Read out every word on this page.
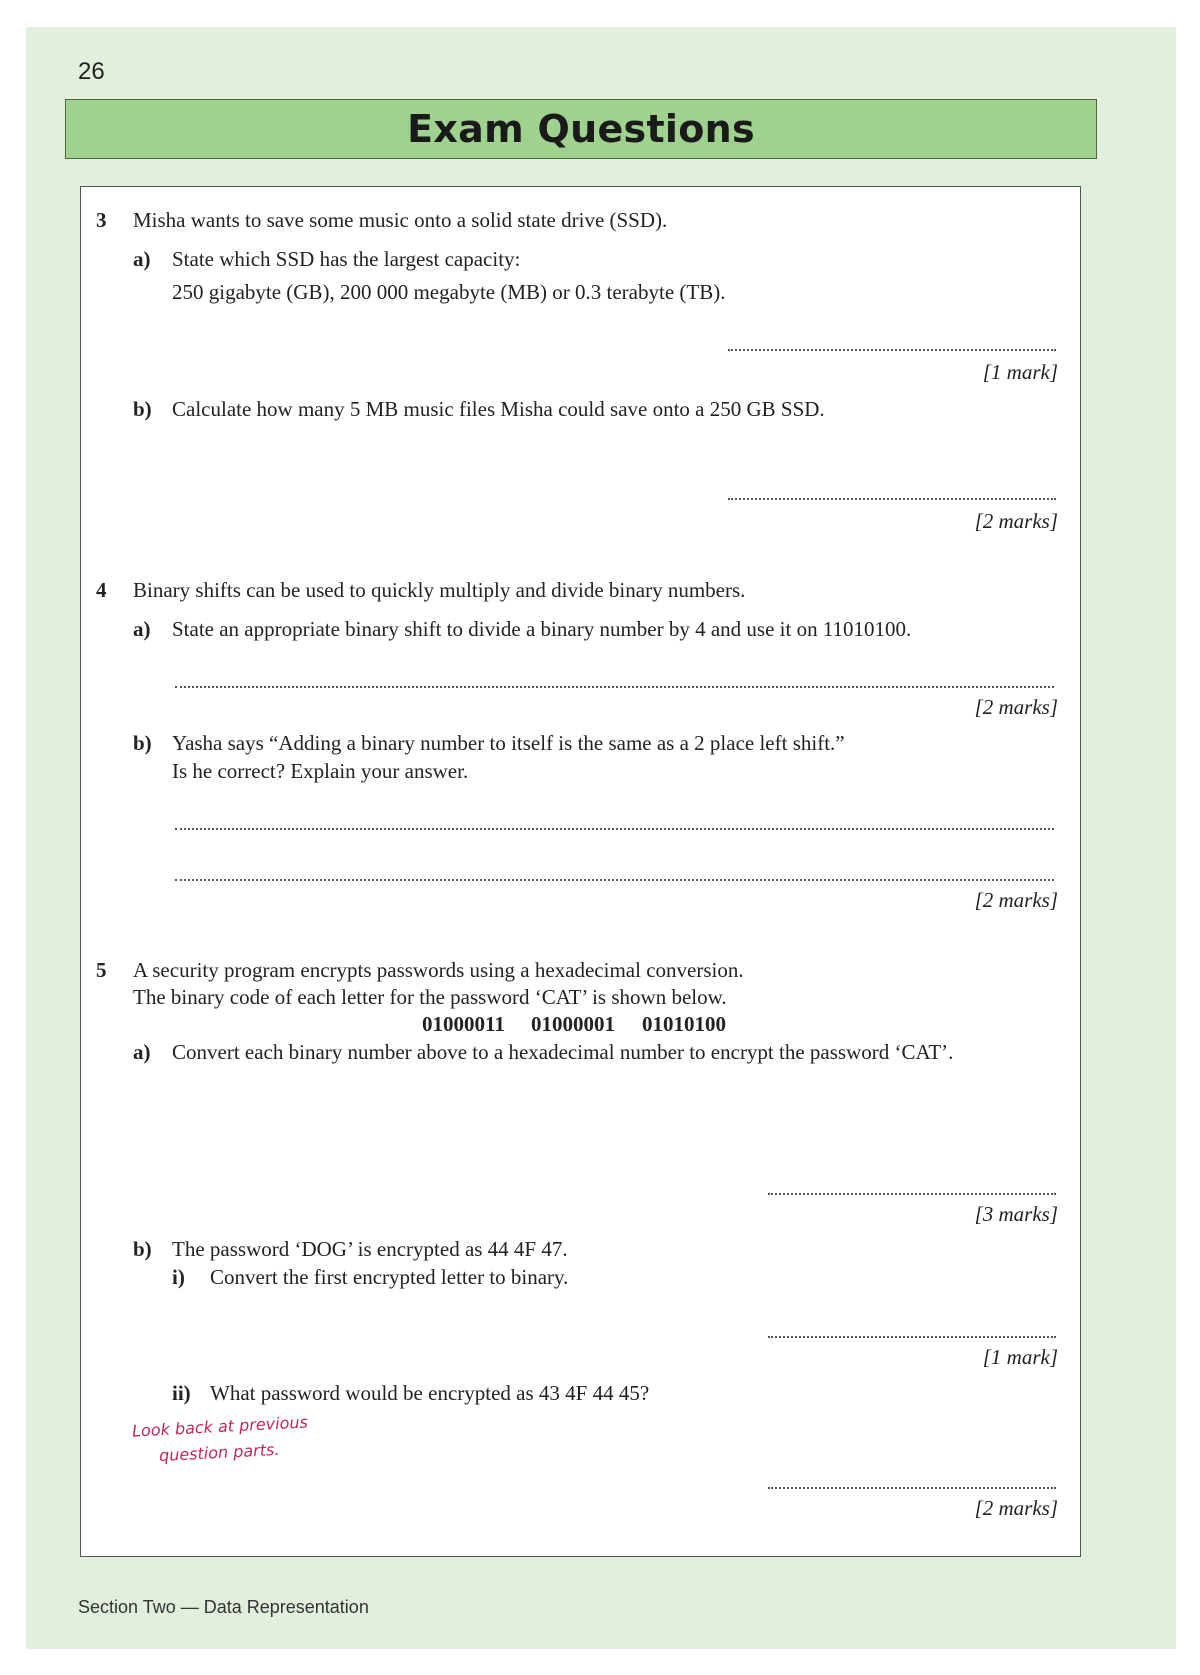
26
Exam Questions
3 Misha wants to save some music onto a solid state drive (SSD).
a) State which SSD has the largest capacity:
250 gigabyte (GB), 200 000 megabyte (MB) or 0.3 terabyte (TB).
[1 mark]
b) Calculate how many 5 MB music files Misha could save onto a 250 GB SSD.
[2 marks]
4 Binary shifts can be used to quickly multiply and divide binary numbers.
a) State an appropriate binary shift to divide a binary number by 4 and use it on 11010100.
[2 marks]
b) Yasha says “Adding a binary number to itself is the same as a 2 place left shift.”
Is he correct? Explain your answer.
[2 marks]
5 A security program encrypts passwords using a hexadecimal conversion.
The binary code of each letter for the password ‘CAT’ is shown below.
01000011 01000001 01010100
a) Convert each binary number above to a hexadecimal number to encrypt the password ‘CAT’.
[3 marks]
b) The password ‘DOG’ is encrypted as 44 4F 47.
i) Convert the first encrypted letter to binary.
[1 mark]
ii) What password would be encrypted as 43 4F 44 45?
Look back at previous
question parts.
[2 marks]
Section Two — Data Representation
